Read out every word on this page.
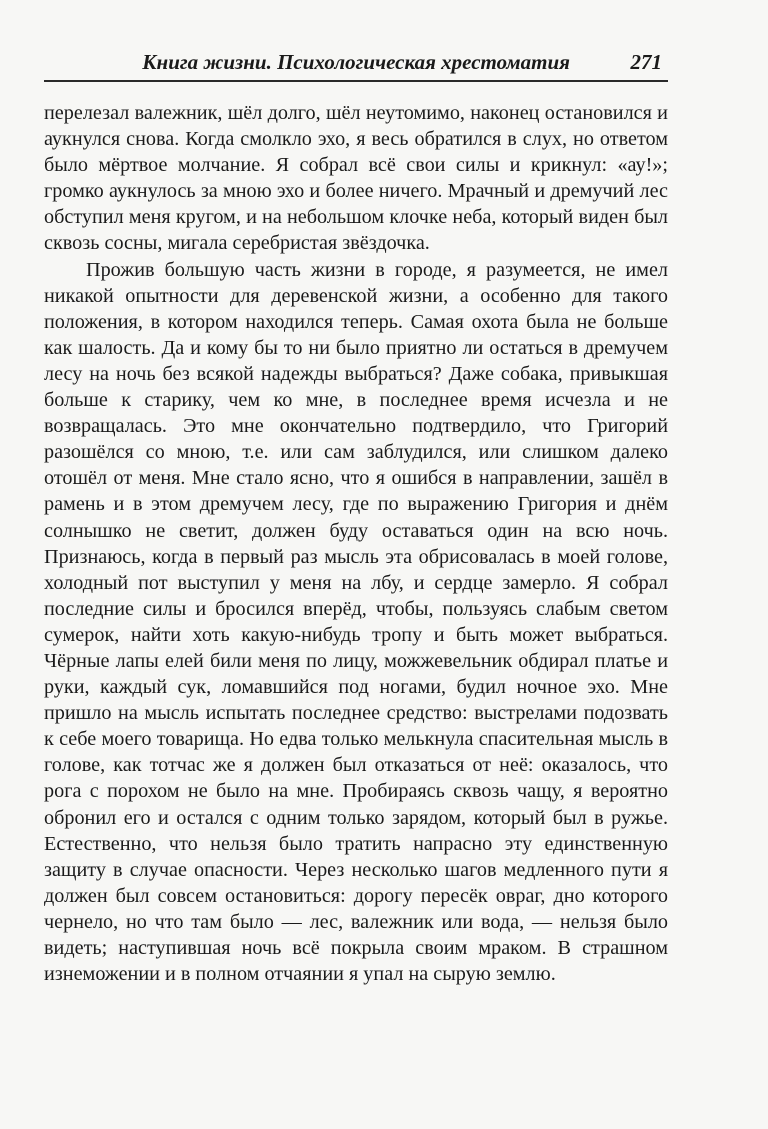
Книга жизни. Психологическая хрестоматия	271

перелезал валежник, шёл долго, шёл неутомимо, наконец остановился и аукнулся снова. Когда смолкло эхо, я весь обратился в слух, но ответом было мёртвое молчание. Я собрал всё свои силы и крикнул: «ау!»; громко аукнулось за мною эхо и более ничего. Мрачный и дремучий лес обступил меня кругом, и на небольшом клочке неба, который виден был сквозь сосны, мигала серебристая звёздочка.

Прожив большую часть жизни в городе, я разумеется, не имел никакой опытности для деревенской жизни, а особенно для такого положения, в котором находился теперь. Самая охота была не больше как шалость. Да и кому бы то ни было приятно ли остаться в дремучем лесу на ночь без всякой надежды выбраться? Даже собака, привыкшая больше к старику, чем ко мне, в последнее время исчезла и не возвращалась. Это мне окончательно подтвердило, что Григорий разошёлся со мною, т.е. или сам заблудился, или слишком далеко отошёл от меня. Мне стало ясно, что я ошибся в направлении, зашёл в рамень и в этом дремучем лесу, где по выражению Григория и днём солнышко не светит, должен буду оставаться один на всю ночь. Признаюсь, когда в первый раз мысль эта обрисовалась в моей голове, холодный пот выступил у меня на лбу, и сердце замерло. Я собрал последние силы и бросился вперёд, чтобы, пользуясь слабым светом сумерок, найти хоть какую-нибудь тропу и быть может выбраться. Чёрные лапы елей били меня по лицу, можжевельник обдирал платье и руки, каждый сук, ломавшийся под ногами, будил ночное эхо. Мне пришло на мысль испытать последнее средство: выстрелами подозвать к себе моего товарища. Но едва только мелькнула спасительная мысль в голове, как тотчас же я должен был отказаться от неё: оказалось, что рога с порохом не было на мне. Пробираясь сквозь чащу, я вероятно обронил его и остался с одним только зарядом, который был в ружье. Естественно, что нельзя было тратить напрасно эту единственную защиту в случае опасности. Через несколько шагов медленного пути я должен был совсем остановиться: дорогу пересёк овраг, дно которого чернело, но что там было — лес, валежник или вода, — нельзя было видеть; наступившая ночь всё покрыла своим мраком. В страшном изнеможении и в полном отчаянии я упал на сырую землю.
